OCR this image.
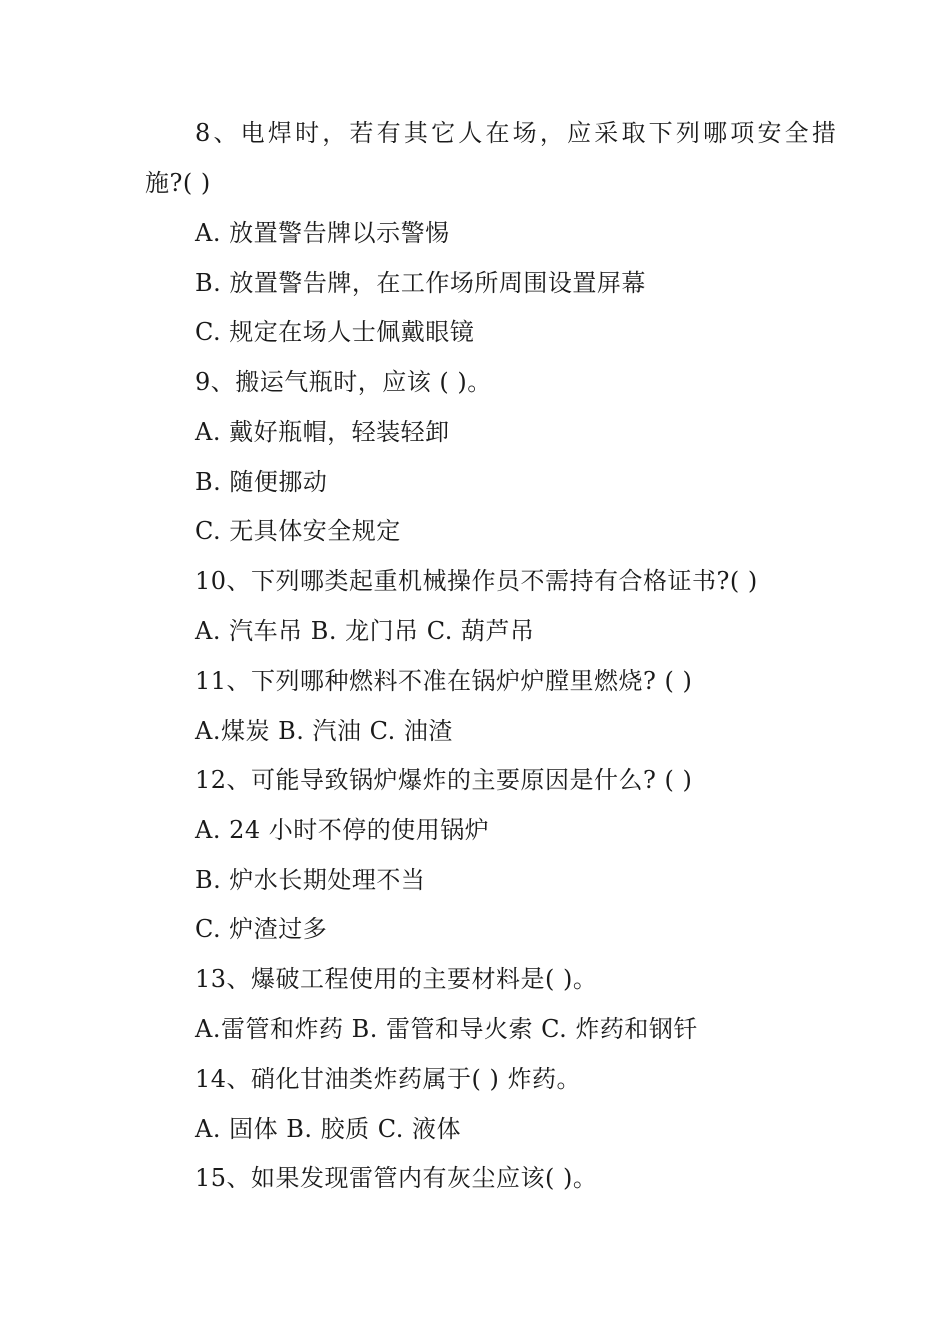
8、电焊时，若有其它人在场，应采取下列哪项安全措
施?( )
A. 放置警告牌以示警惕
B. 放置警告牌，在工作场所周围设置屏幕
C. 规定在场人士佩戴眼镜
9、搬运气瓶时，应该 ( )。
A. 戴好瓶帽，轻装轻卸
B. 随便挪动
C. 无具体安全规定
10、下列哪类起重机械操作员不需持有合格证书?( )
A. 汽车吊 B. 龙门吊 C. 葫芦吊
11、下列哪种燃料不准在锅炉炉膛里燃烧? ( )
A.煤炭 B. 汽油 C. 油渣
12、可能导致锅炉爆炸的主要原因是什么? ( )
A. 24 小时不停的使用锅炉
B. 炉水长期处理不当
C. 炉渣过多
13、爆破工程使用的主要材料是( )。
A.雷管和炸药 B. 雷管和导火索 C. 炸药和钢钎
14、硝化甘油类炸药属于( ) 炸药。
A. 固体 B. 胶质 C. 液体
15、如果发现雷管内有灰尘应该( )。
